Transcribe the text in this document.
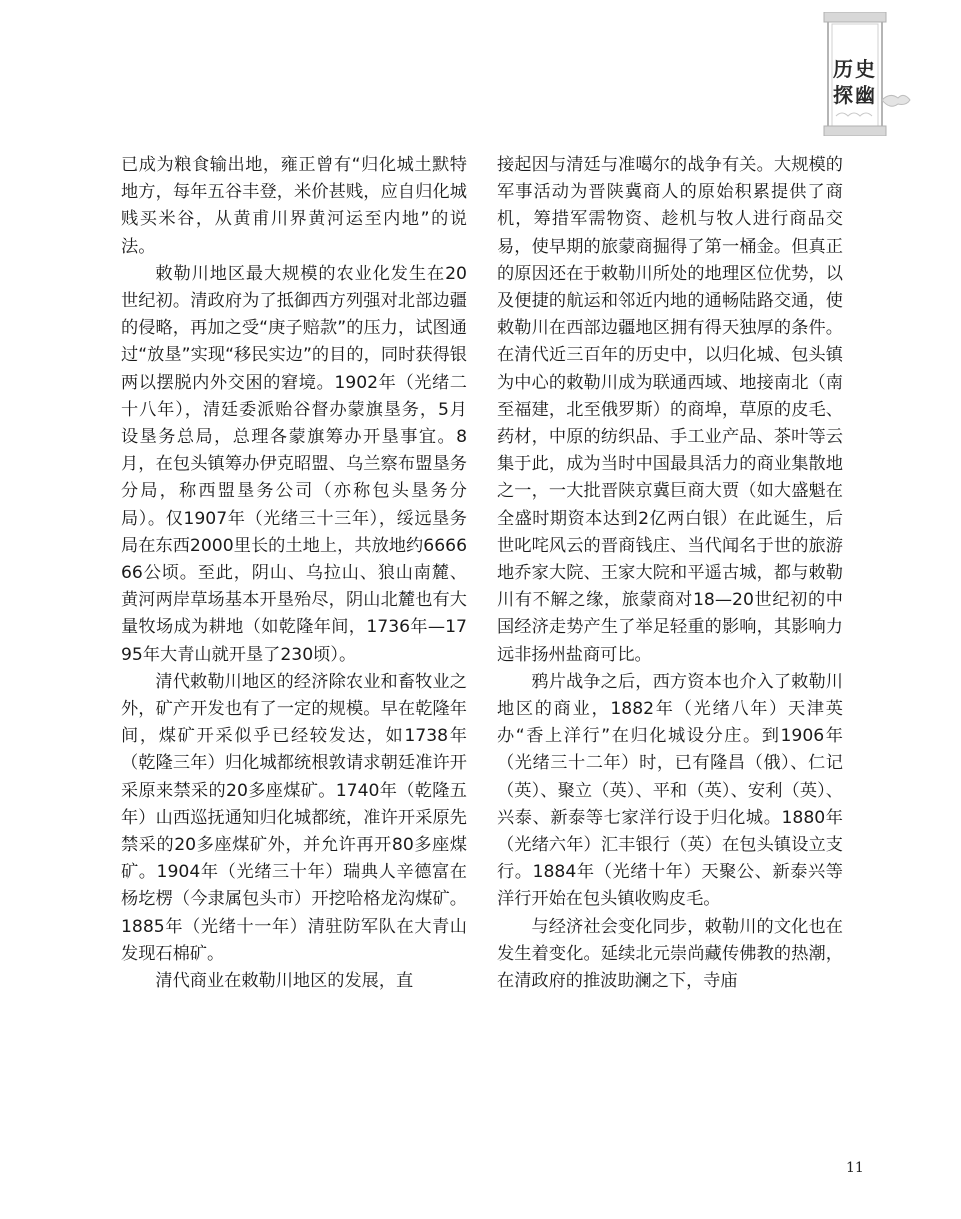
历史
探幽

已成为粮食输出地，雍正曾有“归化城土默特地方，每年五谷丰登，米价甚贱，应自归化城贱买米谷，从黄甫川界黄河运至内地”的说法。

敕勒川地区最大规模的农业化发生在20世纪初。清政府为了抵御西方列强对北部边疆的侵略，再加之受“庚子赔款”的压力，试图通过“放垦”实现“移民实边”的目的，同时获得银两以摆脱内外交困的窘境。1902年（光绪二十八年），清廷委派贻谷督办蒙旗垦务，5月设垦务总局，总理各蒙旗筹办开垦事宜。8月，在包头镇筹办伊克昭盟、乌兰察布盟垦务分局，称西盟垦务公司（亦称包头垦务分局）。仅1907年（光绪三十三年），绥远垦务局在东西2000里长的土地上，共放地约666666公顷。至此，阴山、乌拉山、狼山南麓、黄河两岸草场基本开垦殆尽，阴山北麓也有大量牧场成为耕地（如乾隆年间，1736年—1795年大青山就开垦了230顷）。

清代敕勒川地区的经济除农业和畜牧业之外，矿产开发也有了一定的规模。早在乾隆年间，煤矿开采似乎已经较发达，如1738年（乾隆三年）归化城都统根敦请求朝廷准许开采原来禁采的20多座煤矿。1740年（乾隆五年）山西巡抚通知归化城都统，准许开采原先禁采的20多座煤矿外，并允许再开80多座煤矿。1904年（光绪三十年）瑞典人辛德富在杨圪楞（今隶属包头市）开挖哈格龙沟煤矿。1885年（光绪十一年）清驻防军队在大青山发现石棉矿。

清代商业在敕勒川地区的发展，直

接起因与清廷与准噶尔的战争有关。大规模的军事活动为晋陕冀商人的原始积累提供了商机，筹措军需物资、趁机与牧人进行商品交易，使早期的旅蒙商掘得了第一桶金。但真正的原因还在于敕勒川所处的地理区位优势，以及便捷的航运和邻近内地的通畅陆路交通，使敕勒川在西部边疆地区拥有得天独厚的条件。在清代近三百年的历史中，以归化城、包头镇为中心的敕勒川成为联通西域、地接南北（南至福建，北至俄罗斯）的商埠，草原的皮毛、药材，中原的纺织品、手工业产品、茶叶等云集于此，成为当时中国最具活力的商业集散地之一，一大批晋陕京冀巨商大贾（如大盛魁在全盛时期资本达到2亿两白银）在此诞生，后世叱咤风云的晋商钱庄、当代闻名于世的旅游地乔家大院、王家大院和平遥古城，都与敕勒川有不解之缘，旅蒙商对18—20世纪初的中国经济走势产生了举足轻重的影响，其影响力远非扬州盐商可比。

鸦片战争之后，西方资本也介入了敕勒川地区的商业，1882年（光绪八年）天津英办“香上洋行”在归化城设分庄。到1906年（光绪三十二年）时，已有隆昌（俄）、仁记（英）、聚立（英）、平和（英）、安利（英）、兴泰、新泰等七家洋行设于归化城。1880年（光绪六年）汇丰银行（英）在包头镇设立支行。1884年（光绪十年）天聚公、新泰兴等洋行开始在包头镇收购皮毛。

与经济社会变化同步，敕勒川的文化也在发生着变化。延续北元崇尚藏传佛教的热潮，在清政府的推波助澜之下，寺庙

11
